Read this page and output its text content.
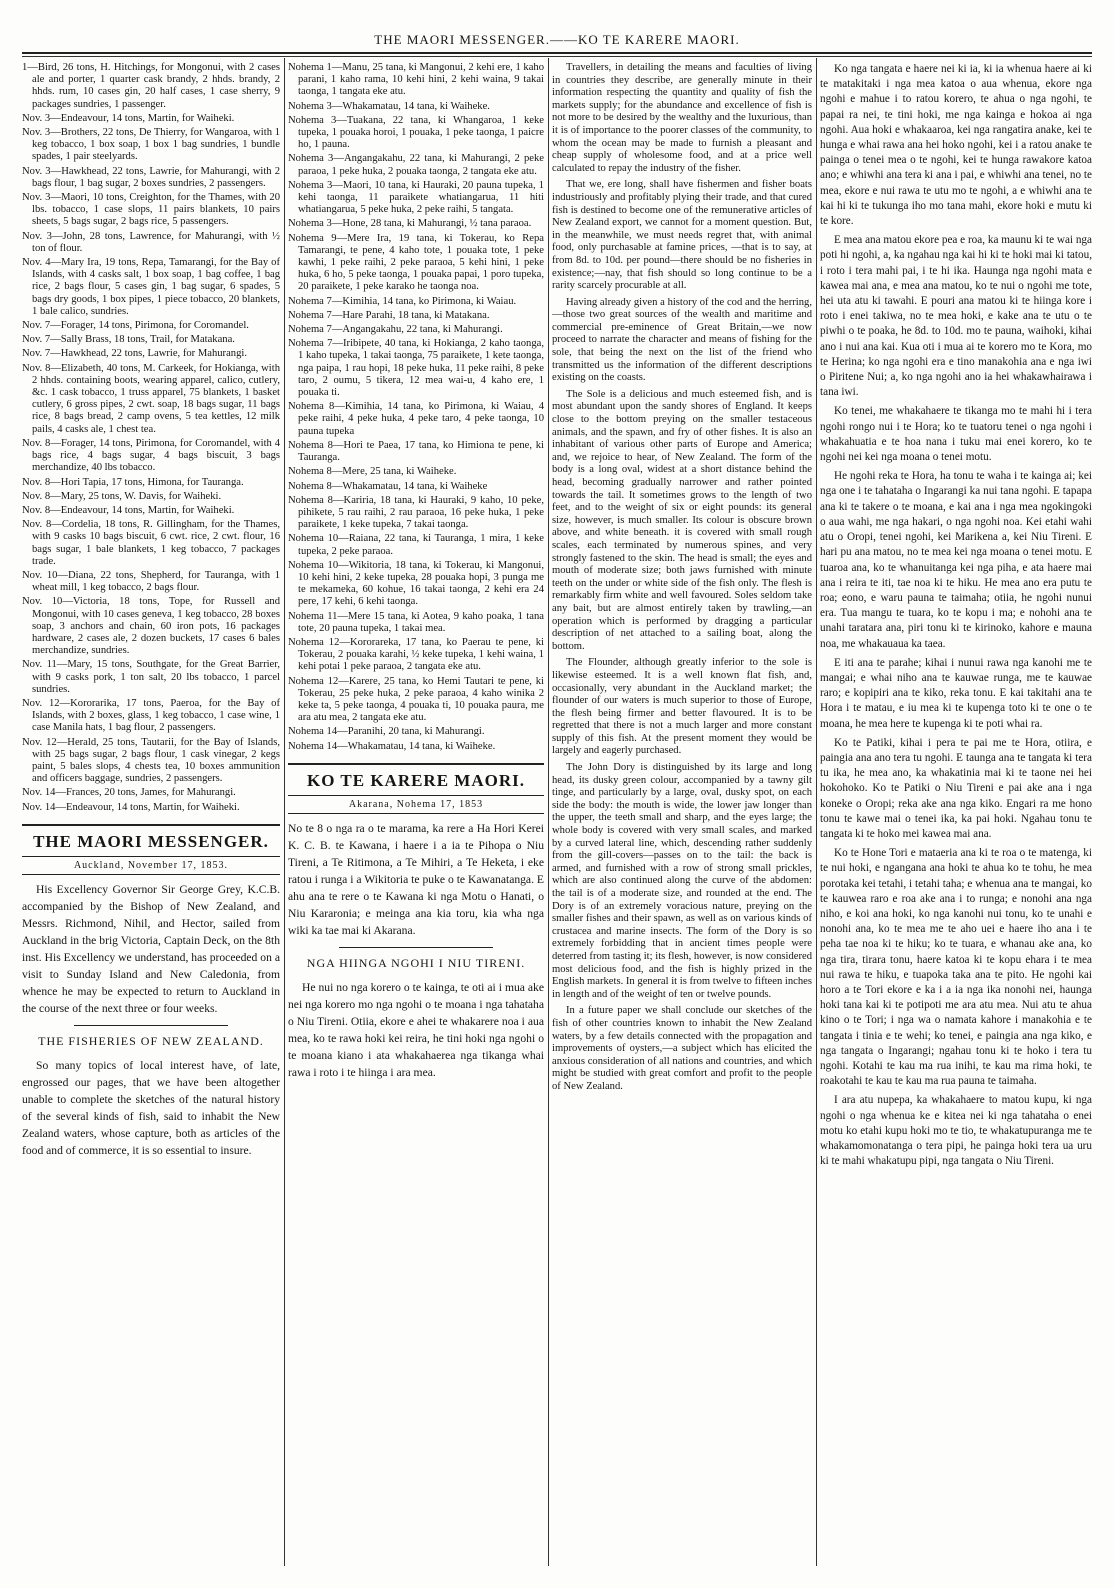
THE MAORI MESSENGER.——KO TE KARERE MAORI.

1—Bird, 26 tons, H. Hitchings, for Mongonui, with 2 cases ale and porter, 1 quarter cask brandy, 2 hhds. brandy, 2 hhds. rum, 10 cases gin, 20 half cases, 1 case sherry, 9 packages sundries, 1 passenger.

Nov. 3—Endeavour, 14 tons, Martin, for Waiheki.

Nov. 3—Brothers, 22 tons, De Thierry, for Wangaroa, with 1 keg tobacco, 1 box soap, 1 box 1 bag sundries, 1 bundle spades, 1 pair steelyards.

Nov. 3—Hawkhead, 22 tons, Lawrie, for Mahurangi, with 2 bags flour, 1 bag sugar, 2 boxes sundries, 2 passengers.

Nov. 3—Maori, 10 tons, Creighton, for the Thames, with 20 lbs. tobacco, 1 case slops, 11 pairs blankets, 10 pairs sheets, 5 bags sugar, 2 bags rice, 5 passengers.

Nov. 3—John, 28 tons, Lawrence, for Mahurangi, with ½ ton of flour.

Nov. 4—Mary Ira, 19 tons, Repa, Tamarangi, for the Bay of Islands, with 4 casks salt, 1 box soap, 1 bag coffee, 1 bag rice, 2 bags flour, 5 cases gin, 1 bag sugar, 6 spades, 5 bags dry goods, 1 box pipes, 1 piece tobacco, 20 blankets, 1 bale calico, sundries.

Nov. 7—Forager, 14 tons, Pirimona, for Coromandel.

Nov. 7—Sally Brass, 18 tons, Trail, for Matakana.

Nov. 7—Hawkhead, 22 tons, Lawrie, for Mahurangi.

Nov. 8—Elizabeth, 40 tons, M. Carkeek, for Hokianga, with 2 hhds. containing boots, wearing apparel, calico, cutlery, &c. 1 cask tobacco, 1 truss apparel, 75 blankets, 1 basket cutlery, 6 gross pipes, 2 cwt. soap, 18 bags sugar, 11 bags rice, 8 bags bread, 2 camp ovens, 5 tea kettles, 12 milk pails, 4 casks ale, 1 chest tea.

Nov. 8—Forager, 14 tons, Pirimona, for Coromandel, with 4 bags rice, 4 bags sugar, 4 bags biscuit, 3 bags merchandize, 40 lbs tobacco.

Nov. 8—Hori Tapia, 17 tons, Himona, for Tauranga.

Nov. 8—Mary, 25 tons, W. Davis, for Waiheki.

Nov. 8—Endeavour, 14 tons, Martin, for Waiheki.

Nov. 8—Cordelia, 18 tons, R. Gillingham, for the Thames, with 9 casks 10 bags biscuit, 6 cwt. rice, 2 cwt. flour, 16 bags sugar, 1 bale blankets, 1 keg tobacco, 7 packages trade.

Nov. 10—Diana, 22 tons, Shepherd, for Tauranga, with 1 wheat mill, 1 keg tobacco, 2 bags flour.

Nov. 10—Victoria, 18 tons, Tope, for Russell and Mongonui, with 10 cases geneva, 1 keg tobacco, 28 boxes soap, 3 anchors and chain, 60 iron pots, 16 packages hardware, 2 cases ale, 2 dozen buckets, 17 cases 6 bales merchandize, sundries.

Nov. 11—Mary, 15 tons, Southgate, for the Great Barrier, with 9 casks pork, 1 ton salt, 20 lbs tobacco, 1 parcel sundries.

Nov. 12—Kororarika, 17 tons, Paeroa, for the Bay of Islands, with 2 boxes, glass, 1 keg tobacco, 1 case wine, 1 case Manila hats, 1 bag flour, 2 passengers.

Nov. 12—Herald, 25 tons, Tautarii, for the Bay of Islands, with 25 bags sugar, 2 bags flour, 1 cask vinegar, 2 kegs paint, 5 bales slops, 4 chests tea, 10 boxes ammunition and officers baggage, sundries, 2 passengers.

Nov. 14—Frances, 20 tons, James, for Mahurangi.

Nov. 14—Endeavour, 14 tons, Martin, for Waiheki.

THE MAORI MESSENGER.
Auckland, November 17, 1853.

His Excellency Governor Sir George Grey, K.C.B. accompanied by the Bishop of New Zealand, and Messrs. Richmond, Nihil, and Hector, sailed from Auckland in the brig Victoria, Captain Deck, on the 8th inst. His Excellency we understand, has proceeded on a visit to Sunday Island and New Caledonia, from whence he may be expected to return to Auckland in the course of the next three or four weeks.

THE FISHERIES OF NEW ZEALAND.

So many topics of local interest have, of late, engrossed our pages, that we have been altogether unable to complete the sketches of the natural history of the several kinds of fish, said to inhabit the New Zealand waters, whose capture, both as articles of the food and of commerce, it is so essential to insure.

Nohema 1—Manu, 25 tana, ki Mangonui, 2 kehi ere, 1 kaho parani, 1 kaho rama, 10 kehi hini, 2 kehi waina, 9 takai taonga, 1 tangata eke atu.

Nohema 3—Whakamatau, 14 tana, ki Waiheke.

Nohema 3—Tuakana, 22 tana, ki Whangaroa, 1 keke tupeka, 1 pouaka horoi, 1 pouaka, 1 peke taonga, 1 paicre ho, 1 pauna.

Nohema 3—Angangakahu, 22 tana, ki Mahurangi, 2 peke paraoa, 1 peke huka, 2 pouaka taonga, 2 tangata eke atu.

Nohema 3—Maori, 10 tana, ki Hauraki, 20 pauna tupeka, 1 kehi taonga, 11 paraikete whatiangaruа, 11 hiti whatiangarua, 5 peke huka, 2 peke raihi, 5 tangata.

Nohema 3—Hone, 28 tana, ki Mahurangi, ½ tana paraoa.

Nohema 9—Mere Ira, 19 tana, ki Tokerau, ko Repa Tamarangi, te pene, 4 kaho tote, 1 pouaka tote, 1 peke kawhi, 1 peke raihi, 2 peke paraoa, 5 kehi hini, 1 peke huka, 6 ho, 5 peke taonga, 1 pouaka papai, 1 poro tupeka, 20 paraikete, 1 peke karako he taonga noa.

Nohema 7—Kimihia, 14 tana, ko Pirimona, ki Waiau.

Nohema 7—Hare Parahi, 18 tana, ki Matakana.

Nohema 7—Angangakahu, 22 tana, ki Mahurangi.

Nohema 7—Iribipete, 40 tana, ki Hokianga, 2 kaho taonga, 1 kaho tupeka, 1 takai taonga, 75 paraikete, 1 kete taonga, nga paipa, 1 rau hopi, 18 peke huka, 11 peke raihi, 8 peke taro, 2 oumu, 5 tikera, 12 mea wai-u, 4 kaho ere, 1 pouaka ti.

Nohema 8—Kimihia, 14 tana, ko Pirimona, ki Waiau, 4 peke raihi, 4 peke huka, 4 peke taro, 4 peke taonga, 10 pauna tupeka

Nohema 8—Hori te Paea, 17 tana, ko Himiona te pene, ki Tauranga.

Nohema 8—Mere, 25 tana, ki Waiheke.

Nohema 8—Whakamatau, 14 tana, ki Waiheke

Nohema 8—Kariria, 18 tana, ki Hauraki, 9 kaho, 10 peke, pihikete, 5 rau raihi, 2 rau paraoa, 16 peke huka, 1 peke paraikete, 1 keke tupeka, 7 takai taonga.

Nohema 10—Raiana, 22 tana, ki Tauranga, 1 mira, 1 keke tupeka, 2 peke paraoa.

Nohema 10—Wikitoria, 18 tana, ki Tokerau, ki Mangonui, 10 kehi hini, 2 keke tupeka, 28 pouaka hopi, 3 punga me te mekameka, 60 kohue, 16 takai taonga, 2 kehi era 24 pere, 17 kehi, 6 kehi taonga.

Nohema 11—Mere 15 tana, ki Aotea, 9 kaho poaka, 1 tana tote, 20 pauna tupeka, 1 takai mea.

Nohema 12—Kororareka, 17 tana, ko Paerau te pene, ki Tokerau, 2 pouaka karahi, ½ keke tupeka, 1 kehi waina, 1 kehi potai 1 peke paraoa, 2 tangata eke atu.

Nohema 12—Karere, 25 tana, ko Hemi Tautari te pene, ki Tokerau, 25 peke huka, 2 peke paraoa, 4 kaho winika 2 keke ta, 5 peke taonga, 4 pouaka ti, 10 pouaka paura, me ara atu mea, 2 tangata eke atu.

Nohema 14—Paranihi, 20 tana, ki Mahurangi.

Nohema 14—Whakamatau, 14 tana, ki Waiheke.

KO TE KARERE MAORI.
Akarana, Nohema 17, 1853

No te 8 o nga ra o te marama, ka rere a Ha Hori Kerei K. C. B. te Kawana, i haere i a ia te Pihopa o Niu Tireni, a Te Ritimona, a Te Mihiri, a Te Heketa, i eke ratou i runga i a Wikitoria te puke o te Kawanatanga. E ahu ana te rere o te Kawana ki nga Motu o Hanati, o Niu Kararonia; e meinga ana kia toru, kia wha nga wiki ka tae mai ki Akarana.

NGA HIINGA NGOHI I NIU TIRENI.

He nui no nga korero o te kainga, te oti ai i mua ake nei nga korero mo nga ngohi o te moana i nga tahataha o Niu Tireni. Otiia, ekore e ahei te whakarere noa i aua mea, ko te rawa hoki kei reira, he tini hoki nga ngohi o te moana kiano i ata whakahaerea nga tikanga whai rawa i roto i te hiinga i ara mea.

Travellers, in detailing the means and faculties of living in countries they describe, are generally minute in their information respecting the quantity and quality of fish the markets supply; for the abundance and excellence of fish is not more to be desired by the wealthy and the luxurious, than it is of importance to the poorer classes of the community, to whom the ocean may be made to furnish a pleasant and cheap supply of wholesome food, and at a price well calculated to repay the industry of the fisher.

That we, ere long, shall have fishermen and fisher boats industriously and profitably plying their trade, and that cured fish is destined to become one of the remunerative articles of New Zealand export, we cannot for a moment question. But, in the meanwhile, we must needs regret that, with animal food, only purchasable at famine prices, —that is to say, at from 8d. to 10d. per pound—there should be no fisheries in existence;—nay, that fish should so long continue to be a rarity scarcely procurable at all.

Having already given a history of the cod and the herring,—those two great sources of the wealth and maritime and commercial pre-eminence of Great Britain,—we now proceed to narrate the character and means of fishing for the sole, that being the next on the list of the friend who transmitted us the information of the different descriptions existing on the coasts.

The Sole is a delicious and much esteemed fish, and is most abundant upon the sandy shores of England. It keeps close to the bottom preying on the smaller testaceous animals, and the spawn, and fry of other fishes. It is also an inhabitant of various other parts of Europe and America; and, we rejoice to hear, of New Zealand. The form of the body is a long oval, widest at a short distance behind the head, becoming gradually narrower and rather pointed towards the tail. It sometimes grows to the length of two feet, and to the weight of six or eight pounds: its general size, however, is much smaller. Its colour is obscure brown above, and white beneath. it is covered with small rough scales, each terminated by numerous spines, and very strongly fastened to the skin. The head is small; the eyes and mouth of moderate size; both jaws furnished with minute teeth on the under or white side of the fish only. The flesh is remarkably firm white and well favoured. Soles seldom take any bait, but are almost entirely taken by trawling,—an operation which is performed by dragging a particular description of net attached to a sailing boat, along the bottom.

The Flounder, although greatly inferior to the sole is likewise esteemed. It is a well known flat fish, and, occasionally, very abundant in the Auckland market; the flounder of our waters is much superior to those of Europe, the flesh being firmer and better flavoured. It is to be regretted that there is not a much larger and more constant supply of this fish. At the present moment they would be largely and eagerly purchased.

The John Dory is distinguished by its large and long head, its dusky green colour, accompanied by a tawny gilt tinge, and particularly by a large, oval, dusky spot, on each side the body: the mouth is wide, the lower jaw longer than the upper, the teeth small and sharp, and the eyes large; the whole body is covered with very small scales, and marked by a curved lateral line, which, descending rather suddenly from the gill-covers—passes on to the tail: the back is armed, and furnished with a row of strong small prickles, which are also continued along the curve of the abdomen: the tail is of a moderate size, and rounded at the end. The Dory is of an extremely voracious nature, preying on the smaller fishes and their spawn, as well as on various kinds of crustacea and marine insects. The form of the Dory is so extremely forbidding that in ancient times people were deterred from tasting it; its flesh, however, is now considered most delicious food, and the fish is highly prized in the English markets. In general it is from twelve to fifteen inches in length and of the weight of ten or twelve pounds.

In a future paper we shall conclude our sketches of the fish of other countries known to inhabit the New Zealand waters, by a few details connected with the propagation and improvements of oysters,—a subject which has elicited the anxious consideration of all nations and countries, and which might be studied with great comfort and profit to the people of New Zealand.

Ko nga tangata e haere nei ki ia, ki ia whenua haere ai ki te matakitaki i nga mea katoa o aua whenua, ekore nga ngohi e mahue i to ratou korero, te ahua o nga ngohi, te papai ra nei, te tini hoki, me nga kainga e hokoa ai nga ngohi. Aua hoki e whakaaroa, kei nga rangatira anake, kei te hunga e whai rawa ana hei hoko ngohi, kei i a ratou anake te painga o tenei mea o te ngohi, kei te hunga rawakore katoa ano; e whiwhi ana tera ki ana i pai, e whiwhi ana tenei, no te mea, ekore e nui rawa te utu mo te ngohi, a e whiwhi ana te kai hi ki te tukunga iho mo tana mahi, ekore hoki e mutu ki te kore.

E mea ana matou ekore pea e roa, ka maunu ki te wai nga poti hi ngohi, a, ka ngahau nga kai hi ki te hoki mai ki tatou, i roto i tera mahi pai, i te hi ika. Haunga nga ngohi mata e kawea mai ana, e mea ana matou, ko te nui o ngohi me tote, hei uta atu ki tawahi. E pouri ana matou ki te hiinga kore i roto i enei takiwa, no te mea hoki, e kake ana te utu o te piwhi o te poaka, he 8d. to 10d. mo te pauna, waihoki, kihai ano i nui ana kai. Kua oti i mua ai te korero mo te Kora, mo te Herina; ko nga ngohi era e tino manakohia ana e nga iwi o Piritene Nui; a, ko nga ngohi ano ia hei whakawhairawa i tana iwi.

Ko tenei, me whakahaere te tikanga mo te mahi hi i tera ngohi rongo nui i te Hora; ko te tuatoru tenei o nga ngohi i whakahuatia e te hoa nana i tuku mai enei korero, ko te ngohi nei kei nga moana o tenei motu.

He ngohi reka te Hora, ha tonu te waha i te kainga ai; kei nga one i te tahataha o Ingarangi ka nui tana ngohi. E tapapa ana ki te takere o te moana, e kai ana i nga mea ngokingoki o aua wahi, me nga hakari, o nga ngohi noa. Kei etahi wahi atu o Oropi, tenei ngohi, kei Marikena a, kei Niu Tireni. E hari pu ana matou, no te mea kei nga moana o tenei motu. E tuaroa ana, ko te whanuitanga kei nga piha, e ata haere mai ana i reira te iti, tae noa ki te hiku. He mea ano era putu te roa; eono, e waru pauna te taimaha; otiia, he ngohi nunui era. Tua mangu te tuara, ko te kopu i ma; e nohohi ana te unahi taratara ana, piri tonu ki te kirinoko, kahore e mauna noa, me whakauaua ka taea.

E iti ana te parahe; kihai i nunui rawa nga kanohi me te mangai; e whai niho ana te kauwae runga, me te kauwae raro; e kopipiri ana te kiko, reka tonu. E kai takitahi ana te Hora i te matau, e iu mea ki te kupenga toto ki te one o te moana, he mea here te kupenga ki te poti whai ra.

Ko te Patiki, kihai i pera te pai me te Hora, otiira, e paingia ana ano tera tu ngohi. E taunga ana te tangata ki tera tu ika, he mea ano, ka whakatinia mai ki te taone nei hei hokohoko. Ko te Patiki o Niu Tireni e pai ake ana i nga koneke o Oropi; reka ake ana nga kiko. Engari ra me hono tonu te kawe mai o tenei ika, ka pai hoki. Ngahau tonu te tangata ki te hoko mei kawea mai ana.

Ko te Hone Tori e mataeria ana ki te roa o te matenga, ki te nui hoki, e ngangana ana hoki te ahua ko te tohu, he mea porotaka kei tetahi, i tetahi taha; e whenua ana te mangai, ko te kauwea raro e roa ake ana i to runga; e nonohi ana nga niho, e koi ana hoki, ko nga kanohi nui tonu, ko te unahi e nonohi ana, ko te mea me te aho uei e haere iho ana i te peha tae noa ki te hiku; ko te tuara, e whanau ake ana, ko nga tira, tirara tonu, haere katoa ki te kopu ehara i te mea nui rawa te hiku, e tuapoka taka ana te pito. He ngohi kai horo a te Tori ekore e ka i a ia nga ika nonohi nei, haunga hoki tana kai ki te potipoti me ara atu mea. Nui atu te ahua kino o te Tori; i nga wa o namata kahore i manakohia e te tangata i tinia e te wehi; ko tenei, e paingia ana nga kiko, e nga tangata o Ingarangi; ngahau tonu ki te hoko i tera tu ngohi. Kotahi te kau ma rua inihi, te kau ma rima hoki, te roakotahi te kau te kau ma rua pauna te taimaha.

I ara atu nupepa, ka whakahaere to matou kupu, ki nga ngohi o nga whenua ke e kitea nei ki nga tahataha o enei motu ko etahi kupu hoki mo te tio, te whakatupuranga me te whakamomonatanga o tera pipi, he painga hoki tera ua uru ki te mahi whakatupu pipi, nga tangata o Niu Tireni.
